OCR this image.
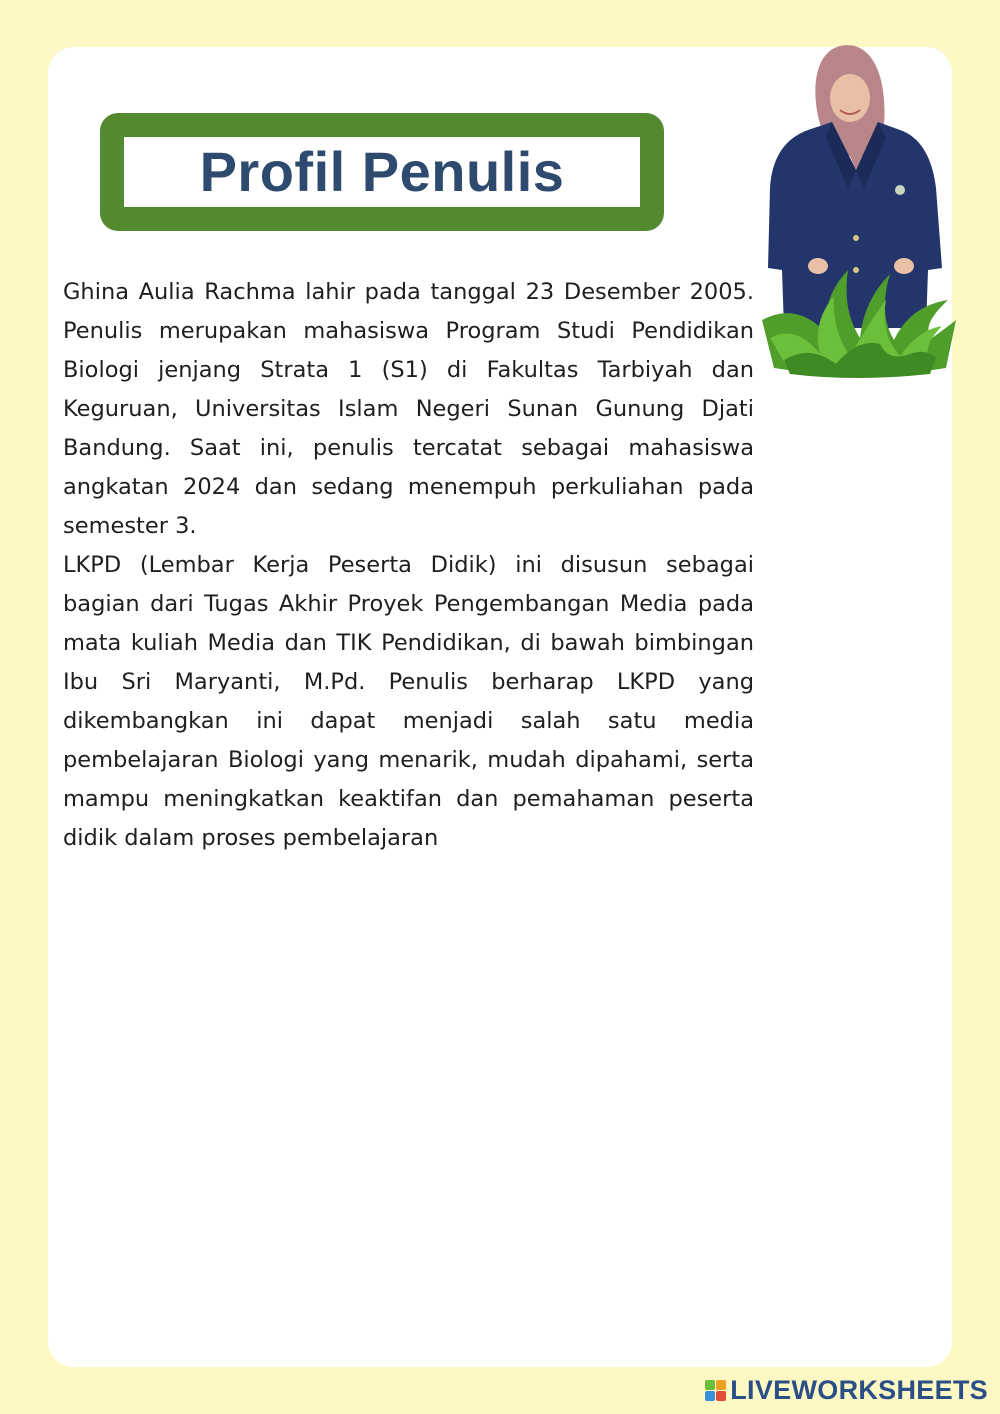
Profil Penulis

Ghina Aulia Rachma lahir pada tanggal 23 Desember 2005. Penulis merupakan mahasiswa Program Studi Pendidikan Biologi jenjang Strata 1 (S1) di Fakultas Tarbiyah dan Keguruan, Universitas Islam Negeri Sunan Gunung Djati Bandung. Saat ini, penulis tercatat sebagai mahasiswa angkatan 2024 dan sedang menempuh perkuliahan pada semester 3.

LKPD (Lembar Kerja Peserta Didik) ini disusun sebagai bagian dari Tugas Akhir Proyek Pengembangan Media pada mata kuliah Media dan TIK Pendidikan, di bawah bimbingan Ibu Sri Maryanti, M.Pd. Penulis berharap LKPD yang dikembangkan ini dapat menjadi salah satu media pembelajaran Biologi yang menarik, mudah dipahami, serta mampu meningkatkan keaktifan dan pemahaman peserta didik dalam proses pembelajaran

LIVEWORKSHEETS
